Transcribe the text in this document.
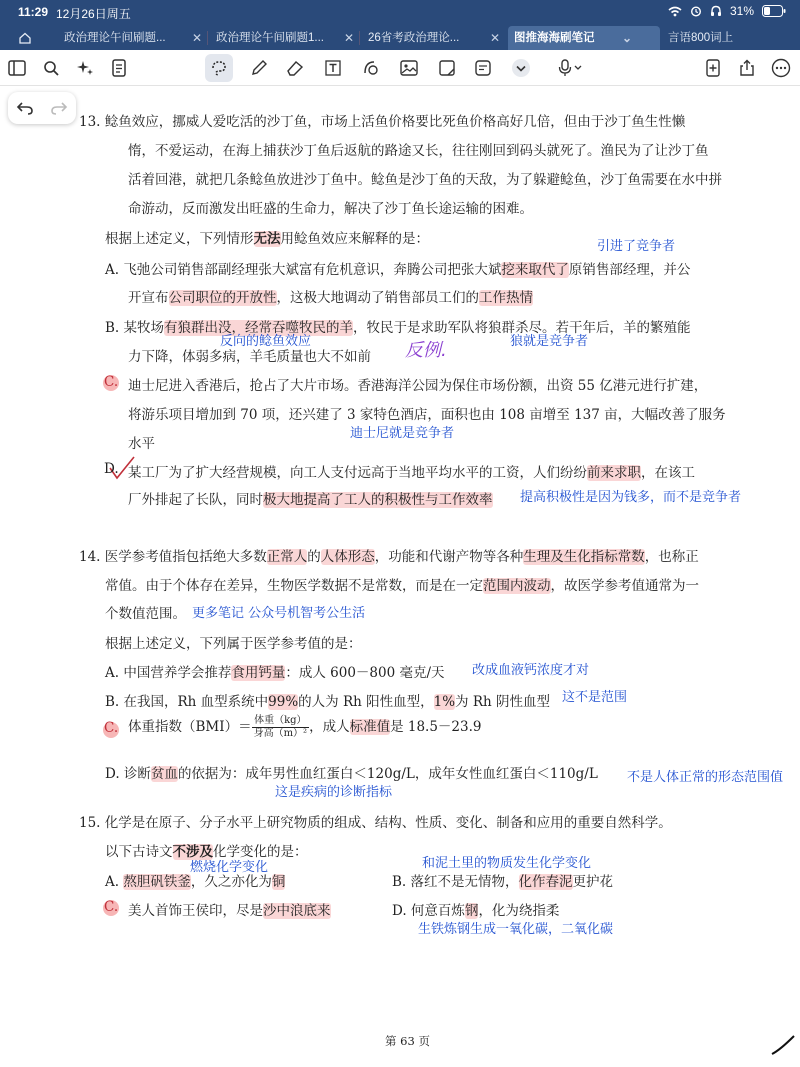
11:29 12月26日周五	31%
政治理论午间刷题... ✕	政治理论午间刷题1... ✕	26省考政治理论...	✕	图推海海刷笔记 ⌄	言语800词上
13. 鲶鱼效应，挪威人爱吃活的沙丁鱼，市场上活鱼价格要比死鱼价格高好几倍，但由于沙丁鱼生性懒
惰，不爱运动，在海上捕获沙丁鱼后返航的路途又长，往往刚回到码头就死了。渔民为了让沙丁鱼
活着回港，就把几条鲶鱼放进沙丁鱼中。鲶鱼是沙丁鱼的天敌，为了躲避鲶鱼，沙丁鱼需要在水中拼
命游动，反而激发出旺盛的生命力，解决了沙丁鱼长途运输的困难。
根据上述定义，下列情形无法用鲶鱼效应来解释的是：	引进了竞争者
A. 飞弛公司销售部副经理张大斌富有危机意识，奔腾公司把张大斌挖来取代了原销售部经理，并公
开宣布公司职位的开放性，这极大地调动了销售部员工们的工作热情
B. 某牧场有狼群出没，经常吞噬牧民的羊，牧民于是求助军队将狼群杀尽。若干年后，羊的繁殖能
反向的鲶鱼效应
力下降，体弱多病，羊毛质量也大不如前 反例.	狼就是竞争者
C. 迪士尼进入香港后，抢占了大片市场。香港海洋公园为保住市场份额，出资 55 亿港元进行扩建，
将游乐项目增加到 70 项，还兴建了 3 家特色酒店，面积也由 108 亩增至 137 亩，大幅改善了服务
水平
迪士尼就是竞争者
D. 某工厂为了扩大经营规模，向工人支付远高于当地平均水平的工资，人们纷纷前来求职，在该工
厂外排起了长队，同时极大地提高了工人的积极性与工作效率 提高积极性是因为钱多，而不是竞争者
14. 医学参考值指包括绝大多数正常人的人体形态，功能和代谢产物等各种生理及生化指标常数，也称正
常值。由于个体存在差异，生物医学数据不是常数，而是在一定范围内波动，故医学参考值通常为一
个数值范围。 更多笔记 公众号机智考公生活
根据上述定义，下列属于医学参考值的是：
A. 中国营养学会推荐食用钙量：成人 600－800 毫克/天 改成血液钙浓度才对
B. 在我国，Rh 血型系统中99%的人为 Rh 阳性血型，1%为 Rh 阴性血型 这不是范围
C. 体重指数$(BMI)= \frac{\text{体重（kg）}}{\text{身高（m）²}}$ ，成人标准值是 18.5－23.9
D. 诊断贫血的依据为：成年男性血红蛋白＜120g/L，成年女性血红蛋白＜110g/L 不是人体正常的形态范围值
这是疾病的诊断指标
15. 化学是在原子、分子水平上研究物质的组成、结构、性质、变化、制备和应用的重要自然科学。
以下古诗文不涉及化学变化的是：
燃烧化学变化	和泥土里的物质发生化学变化
A. 熬胆矾铁釜，久之亦化为铜	B. 落红不是无情物，化作春泥更护花
C. 美人首饰王侯印，尽是沙中浪底来	D. 何意百炼钢，化为绕指柔
生铁炼钢生成一氧化碳，二氧化碳
第 63 页
